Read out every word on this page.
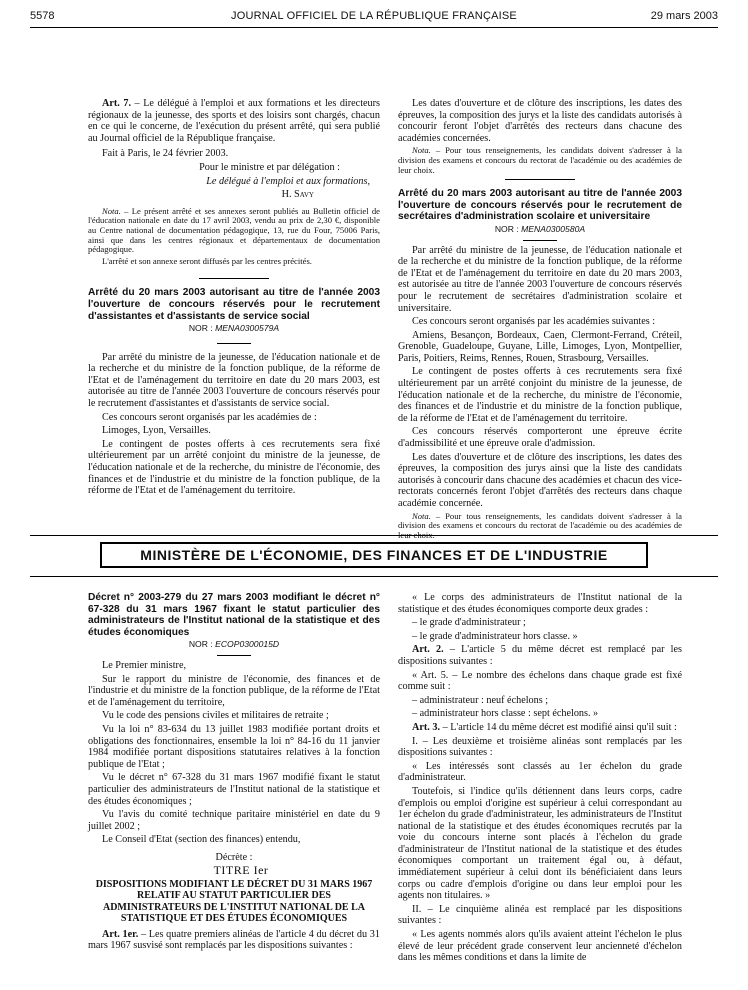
5578	JOURNAL OFFICIEL DE LA RÉPUBLIQUE FRANÇAISE	29 mars 2003

Art. 7. – Le délégué à l'emploi et aux formations et les directeurs régionaux de la jeunesse, des sports et des loisirs sont chargés, chacun en ce qui le concerne, de l'exécution du présent arrêté, qui sera publié au Journal officiel de la République française.

Fait à Paris, le 24 février 2003.

Pour le ministre et par délégation :

Le délégué à l'emploi et aux formations,

H. Savy

Nota. – Le présent arrêté et ses annexes seront publiés au Bulletin officiel de l'éducation nationale en date du 17 avril 2003, vendu au prix de 2,30 €, disponible au Centre national de documentation pédagogique, 13, rue du Four, 75006 Paris, ainsi que dans les centres régionaux et départementaux de documentation pédagogique.

L'arrêté et son annexe seront diffusés par les centres précités.

Arrêté du 20 mars 2003 autorisant au titre de l'année 2003 l'ouverture de concours réservés pour le recrutement d'assistantes et d'assistants de service social
NOR : MENA0300579A

Par arrêté du ministre de la jeunesse, de l'éducation nationale et de la recherche et du ministre de la fonction publique, de la réforme de l'Etat et de l'aménagement du territoire en date du 20 mars 2003, est autorisée au titre de l'année 2003 l'ouverture de concours réservés pour le recrutement d'assistantes et d'assistants de service social.

Ces concours seront organisés par les académies de :

Limoges, Lyon, Versailles.

Le contingent de postes offerts à ces recrutements sera fixé ultérieurement par un arrêté conjoint du ministre de la jeunesse, de l'éducation nationale et de la recherche, du ministre de l'économie, des finances et de l'industrie et du ministre de la fonction publique, de la réforme de l'Etat et de l'aménagement du territoire.

Les dates d'ouverture et de clôture des inscriptions, les dates des épreuves, la composition des jurys et la liste des candidats autorisés à concourir feront l'objet d'arrêtés des recteurs dans chacune des académies concernées.

Nota. – Pour tous renseignements, les candidats doivent s'adresser à la division des examens et concours du rectorat de l'académie ou des académies de leur choix.

Arrêté du 20 mars 2003 autorisant au titre de l'année 2003 l'ouverture de concours réservés pour le recrutement de secrétaires d'administration scolaire et universitaire
NOR : MENA0300580A

Par arrêté du ministre de la jeunesse, de l'éducation nationale et de la recherche et du ministre de la fonction publique, de la réforme de l'Etat et de l'aménagement du territoire en date du 20 mars 2003, est autorisée au titre de l'année 2003 l'ouverture de concours réservés pour le recrutement de secrétaires d'administration scolaire et universitaire.

Ces concours seront organisés par les académies suivantes :

Amiens, Besançon, Bordeaux, Caen, Clermont-Ferrand, Créteil, Grenoble, Guadeloupe, Guyane, Lille, Limoges, Lyon, Montpellier, Paris, Poitiers, Reims, Rennes, Rouen, Strasbourg, Versailles.

Le contingent de postes offerts à ces recrutements sera fixé ultérieurement par un arrêté conjoint du ministre de la jeunesse, de l'éducation nationale et de la recherche, du ministre de l'économie, des finances et de l'industrie et du ministre de la fonction publique, de la réforme de l'Etat et de l'aménagement du territoire.

Ces concours réservés comporteront une épreuve écrite d'admissibilité et une épreuve orale d'admission.

Les dates d'ouverture et de clôture des inscriptions, les dates des épreuves, la composition des jurys ainsi que la liste des candidats autorisés à concourir dans chacune des académies et chacun des vice-rectorats concernés feront l'objet d'arrêtés des recteurs dans chaque académie concernée.

Nota. – Pour tous renseignements, les candidats doivent s'adresser à la division des examens et concours du rectorat de l'académie ou des académies de leur choix.

MINISTÈRE DE L'ÉCONOMIE, DES FINANCES ET DE L'INDUSTRIE
Décret n° 2003-279 du 27 mars 2003 modifiant le décret n° 67-328 du 31 mars 1967 fixant le statut particulier des administrateurs de l'Institut national de la statistique et des études économiques
NOR : ECOP0300015D

Le Premier ministre,

Sur le rapport du ministre de l'économie, des finances et de l'industrie et du ministre de la fonction publique, de la réforme de l'Etat et de l'aménagement du territoire,

Vu le code des pensions civiles et militaires de retraite ;

Vu la loi n° 83-634 du 13 juillet 1983 modifiée portant droits et obligations des fonctionnaires, ensemble la loi n° 84-16 du 11 janvier 1984 modifiée portant dispositions statutaires relatives à la fonction publique de l'Etat ;

Vu le décret n° 67-328 du 31 mars 1967 modifié fixant le statut particulier des administrateurs de l'Institut national de la statistique et des études économiques ;

Vu l'avis du comité technique paritaire ministériel en date du 9 juillet 2002 ;

Le Conseil d'Etat (section des finances) entendu,

Décrète :

TITRE Ier

DISPOSITIONS MODIFIANT LE DÉCRET DU 31 MARS 1967 RELATIF AU STATUT PARTICULIER DES ADMINISTRATEURS DE L'INSTITUT NATIONAL DE LA STATISTIQUE ET DES ÉTUDES ÉCONOMIQUES

Art. 1er. – Les quatre premiers alinéas de l'article 4 du décret du 31 mars 1967 susvisé sont remplacés par les dispositions suivantes :

« Le corps des administrateurs de l'Institut national de la statistique et des études économiques comporte deux grades :

– le grade d'administrateur ;

– le grade d'administrateur hors classe. »

Art. 2. – L'article 5 du même décret est remplacé par les dispositions suivantes :

« Art. 5. – Le nombre des échelons dans chaque grade est fixé comme suit :

– administrateur : neuf échelons ;

– administrateur hors classe : sept échelons. »

Art. 3. – L'article 14 du même décret est modifié ainsi qu'il suit :

I. – Les deuxième et troisième alinéas sont remplacés par les dispositions suivantes :

« Les intéressés sont classés au 1er échelon du grade d'administrateur.

Toutefois, si l'indice qu'ils détiennent dans leurs corps, cadre d'emplois ou emploi d'origine est supérieur à celui correspondant au 1er échelon du grade d'administrateur, les administrateurs de l'Institut national de la statistique et des études économiques recrutés par la voie du concours interne sont placés à l'échelon du grade d'administrateur de l'Institut national de la statistique et des études économiques comportant un traitement égal ou, à défaut, immédiatement supérieur à celui dont ils bénéficiaient dans leurs corps ou cadre d'emplois d'origine ou dans leur emploi pour les agents non titulaires. »

II. – Le cinquième alinéa est remplacé par les dispositions suivantes :

« Les agents nommés alors qu'ils avaient atteint l'échelon le plus élevé de leur précédent grade conservent leur ancienneté d'échelon dans les mêmes conditions et dans la limite de
